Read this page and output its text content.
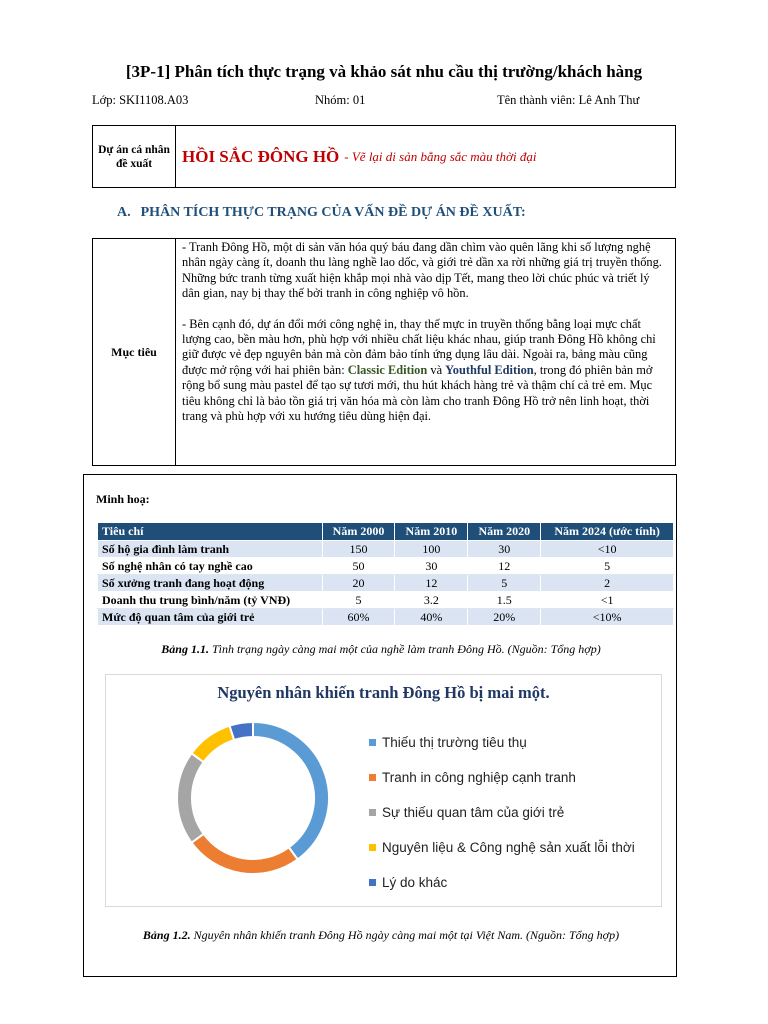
[3P-1] Phân tích thực trạng và khảo sát nhu cầu thị trường/khách hàng
Lớp: SKI1108.A03	Nhóm: 01	Tên thành viên: Lê Anh Thư
Dự án cá nhân đề xuất	HỒI SẮC ĐÔNG HỒ - Vẽ lại di sản bằng sắc màu thời đại
A. PHÂN TÍCH THỰC TRẠNG CỦA VẤN ĐỀ DỰ ÁN ĐỀ XUẤT:
Mục tiêu

- Tranh Đông Hồ, một di sản văn hóa quý báu đang dần chìm vào quên lãng khi số lượng nghệ nhân ngày càng ít, doanh thu làng nghề lao dốc, và giới trẻ dần xa rời những giá trị truyền thống. Những bức tranh từng xuất hiện khắp mọi nhà vào dịp Tết, mang theo lời chúc phúc và triết lý dân gian, nay bị thay thế bởi tranh in công nghiệp vô hồn.

- Bên cạnh đó, dự án đổi mới công nghệ in, thay thế mực in truyền thống bằng loại mực chất lượng cao, bền màu hơn, phù hợp với nhiều chất liệu khác nhau, giúp tranh Đông Hồ không chỉ giữ được vẻ đẹp nguyên bản mà còn đảm bảo tính ứng dụng lâu dài. Ngoài ra, bảng màu cũng được mở rộng với hai phiên bản: Classic Edition và Youthful Edition, trong đó phiên bản mở rộng bổ sung màu pastel để tạo sự tươi mới, thu hút khách hàng trẻ và thậm chí cả trẻ em. Mục tiêu không chỉ là bảo tồn giá trị văn hóa mà còn làm cho tranh Đông Hồ trở nên linh hoạt, thời trang và phù hợp với xu hướng tiêu dùng hiện đại.

Minh hoạ:
Tiêu chí	Năm 2000	Năm 2010	Năm 2020	Năm 2024 (ước tính)
Số hộ gia đình làm tranh	150	100	30	<10
Số nghệ nhân có tay nghề cao	50	30	12	5
Số xưởng tranh đang hoạt động	20	12	5	2
Doanh thu trung bình/năm (tỷ VNĐ)	5	3.2	1.5	<1
Mức độ quan tâm của giới trẻ	60%	40%	20%	<10%
Bảng 1.1. Tình trạng ngày càng mai một của nghề làm tranh Đông Hồ. (Nguồn: Tổng hợp)
Nguyên nhân khiến tranh Đông Hồ bị mai một.
Thiếu thị trường tiêu thụ
Tranh in công nghiệp cạnh tranh
Sự thiếu quan tâm của giới trẻ
Nguyên liệu & Công nghệ sản xuất lỗi thời
Lý do khác
Bảng 1.2. Nguyên nhân khiến tranh Đông Hồ ngày càng mai một tại Việt Nam. (Nguồn: Tổng hợp)
